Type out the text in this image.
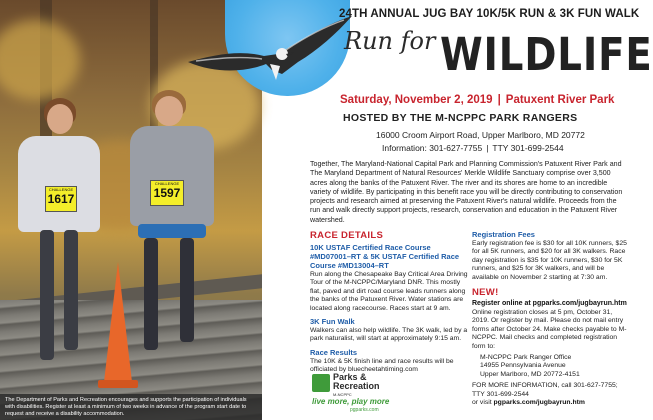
CHALLENGE
1617
CHALLENGE
1597
The Department of Parks and Recreation encourages and supports the participation of individuals with disabilities. Register at least a minimum of two weeks in advance of the program start date to request and receive a disability accommodation.
24TH ANNUAL JUG BAY 10K/5K RUN & 3K FUN WALK
Run for WILDLIFE
Saturday, November 2, 2019 | Patuxent River Park
HOSTED BY THE M-NCPPC PARK RANGERS
16000 Croom Airport Road, Upper Marlboro, MD 20772
Information: 301-627-7755 | TTY 301-699-2544
Together, The Maryland-National Capital Park and Planning Commission's Patuxent River Park and The Maryland Department of Natural Resources' Merkle Wildlife Sanctuary comprise over 3,500 acres along the banks of the Patuxent River. The river and its shores are home to an incredible variety of wildlife. By participating in this benefit race you will be directly contributing to conservation projects and research aimed at preserving the Patuxent River's natural wildlife. Proceeds from the run and walk directly support projects, research, conservation and education in the Patuxent River watershed.
RACE DETAILS
10K USTAF Certified Race Course #MD07001–RT & 5K USTAF Certified Race Course #MD13004–RT

Run along the Chesapeake Bay Critical Area Driving Tour of the M-NCPPC/Maryland DNR. This mostly flat, paved and dirt road course leads runners along the banks of the Patuxent River. Water stations are located along racecourse. Races start at 9 am.

3K Fun Walk

Walkers can also help wildlife. The 3K walk, led by a park naturalist, will start at approximately 9:15 am.

Race Results

The 10K & 5K finish line and race results will be officiated by bluecheetahtiming.com

Registration Fees

Early registration fee is $30 for all 10K runners, $25 for all 5K runners, and $20 for all 3K walkers. Race day registration is $35 for 10K runners, $30 for 5K runners, and $25 for 3K walkers, and will be available on November 2 starting at 7:30 am.

NEW!
Register online at pgparks.com/jugbayrun.htm

Online registration closes at 5 pm, October 31, 2019. Or register by mail. Please do not mail entry forms after October 24. Make checks payable to M-NCPPC. Mail checks and completed registration form to:

M-NCPPC Park Ranger Office
14955 Pennsylvania Avenue
Upper Marlboro, MD 20772-4151

FOR MORE INFORMATION, call 301-627-7755; TTY 301-699-2544

or visit pgparks.com/jugbayrun.htm

Parks &
Recreation
M-NCPPC
live more, play more
pgparks.com
